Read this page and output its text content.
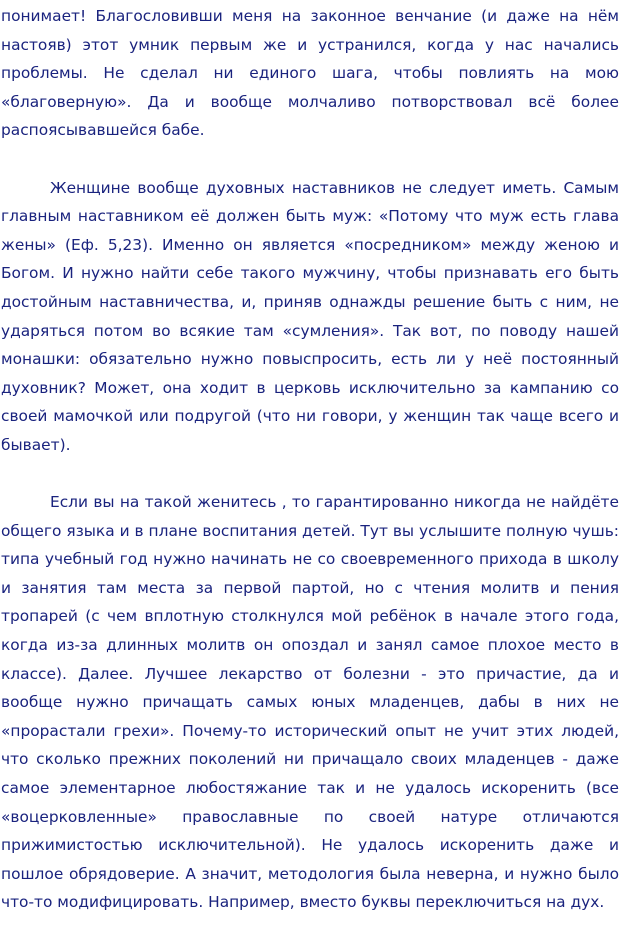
понимает! Благословивши меня на законное венчание (и даже на нём настояв) этот умник первым же и устранился, когда у нас начались проблемы. Не сделал ни единого шага, чтобы повлиять на мою «благоверную». Да и вообще молчаливо потворствовал всё более распоясывавшейся бабе.

Женщине вообще духовных наставников не следует иметь. Самым главным наставником её должен быть муж: «Потому что муж есть глава жены» (Еф. 5,23). Именно он является «посредником» между женою и Богом. И нужно найти себе такого мужчину, чтобы признавать его быть достойным наставничества, и, приняв однажды решение быть с ним, не ударяться потом во всякие там «сумления». Так вот, по поводу нашей монашки: обязательно нужно повыспросить, есть ли у неё постоянный духовник? Может, она ходит в церковь исключительно за кампанию со своей мамочкой или подругой (что ни говори, у женщин так чаще всего и бывает).

Если вы на такой женитесь , то гарантированно никогда не найдёте общего языка и в плане воспитания детей. Тут вы услышите полную чушь: типа учебный год нужно начинать не со своевременного прихода в школу и занятия там места за первой партой, но с чтения молитв и пения тропарей (с чем вплотную столкнулся мой ребёнок в начале этого года, когда из-за длинных молитв он опоздал и занял самое плохое место в классе). Далее. Лучшее лекарство от болезни - это причастие, да и вообще нужно причащать самых юных младенцев, дабы в них не «прорастали грехи». Почему-то исторический опыт не учит этих людей, что сколько прежних поколений ни причащало своих младенцев - даже самое элементарное любостяжание так и не удалось искоренить (все «воцерковленные» православные по своей натуре отличаются прижимистостью исключительной). Не удалось искоренить даже и пошлое обрядоверие. А значит, методология была неверна, и нужно было что-то модифицировать. Например, вместо буквы переключиться на дух.
